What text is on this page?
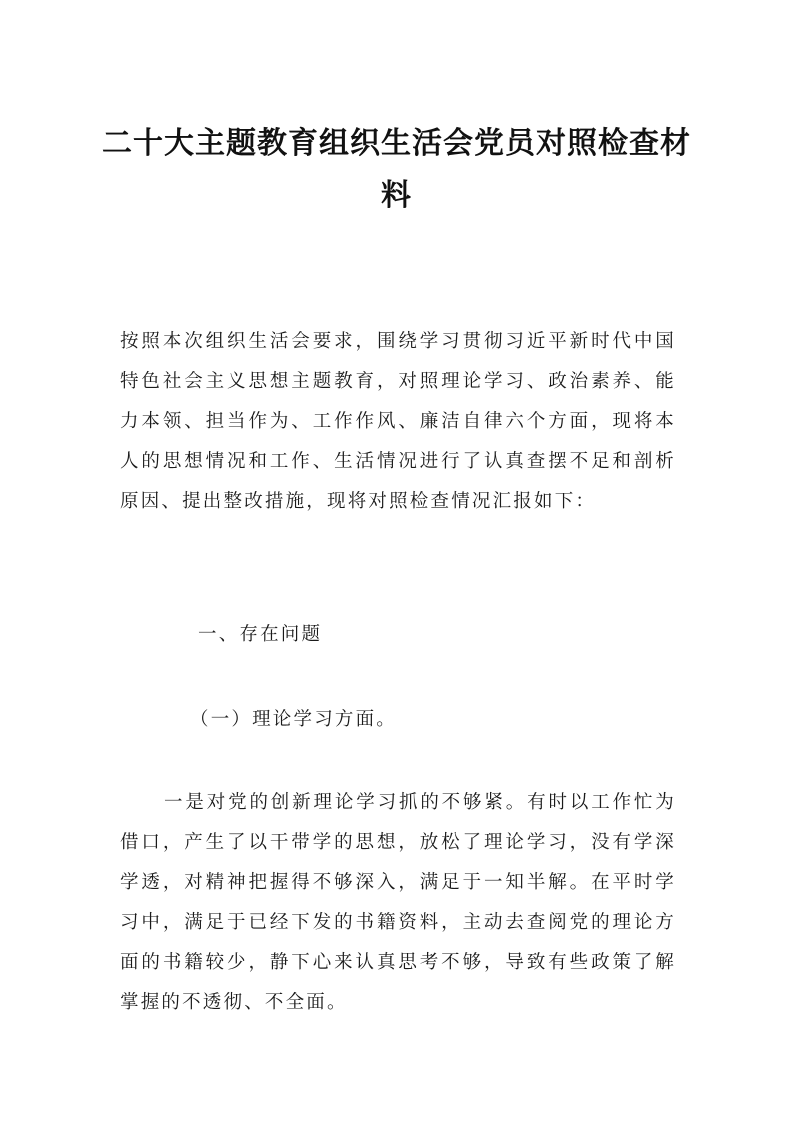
二十大主题教育组织生活会党员对照检查材料

按照本次组织生活会要求，围绕学习贯彻习近平新时代中国特色社会主义思想主题教育，对照理论学习、政治素养、能力本领、担当作为、工作作风、廉洁自律六个方面，现将本人的思想情况和工作、生活情况进行了认真查摆不足和剖析原因、提出整改措施，现将对照检查情况汇报如下：

一、存在问题

（一）理论学习方面。

一是对党的创新理论学习抓的不够紧。有时以工作忙为借口，产生了以干带学的思想，放松了理论学习，没有学深学透，对精神把握得不够深入，满足于一知半解。在平时学习中，满足于已经下发的书籍资料，主动去查阅党的理论方面的书籍较少，静下心来认真思考不够，导致有些政策了解掌握的不透彻、不全面。
